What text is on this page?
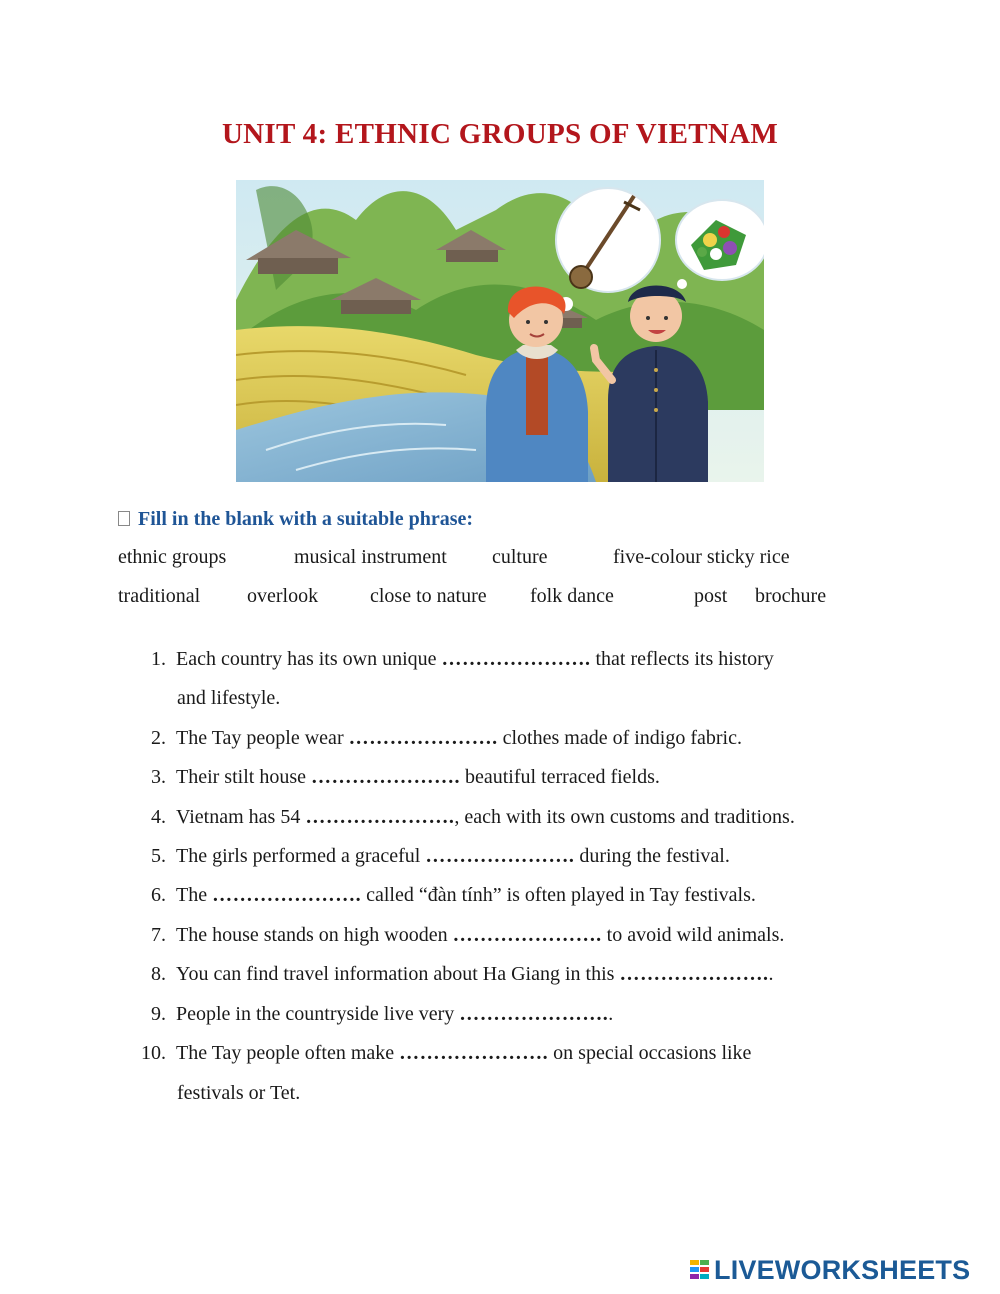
UNIT 4: ETHNIC GROUPS OF VIETNAM
Fill in the blank with a suitable phrase:
ethnic groups	musical instrument culture	five-colour sticky rice
traditional overlook	close to nature folk dance	post brochure
1. Each country has its own unique …………………. that reflects its history
and lifestyle.
2. The Tay people wear …………………. clothes made of indigo fabric.
3. Their stilt house …………………. beautiful terraced fields.
4. Vietnam has 54 …………………., each with its own customs and traditions.
5. The girls performed a graceful …………………. during the festival.
6. The …………………. called “đàn tính” is often played in Tay festivals.
7. The house stands on high wooden …………………. to avoid wild animals.
8. You can find travel information about Ha Giang in this …………………..
9. People in the countryside live very …………………..
10. The Tay people often make …………………. on special occasions like
festivals or Tet.
LIVEWORKSHEETS
